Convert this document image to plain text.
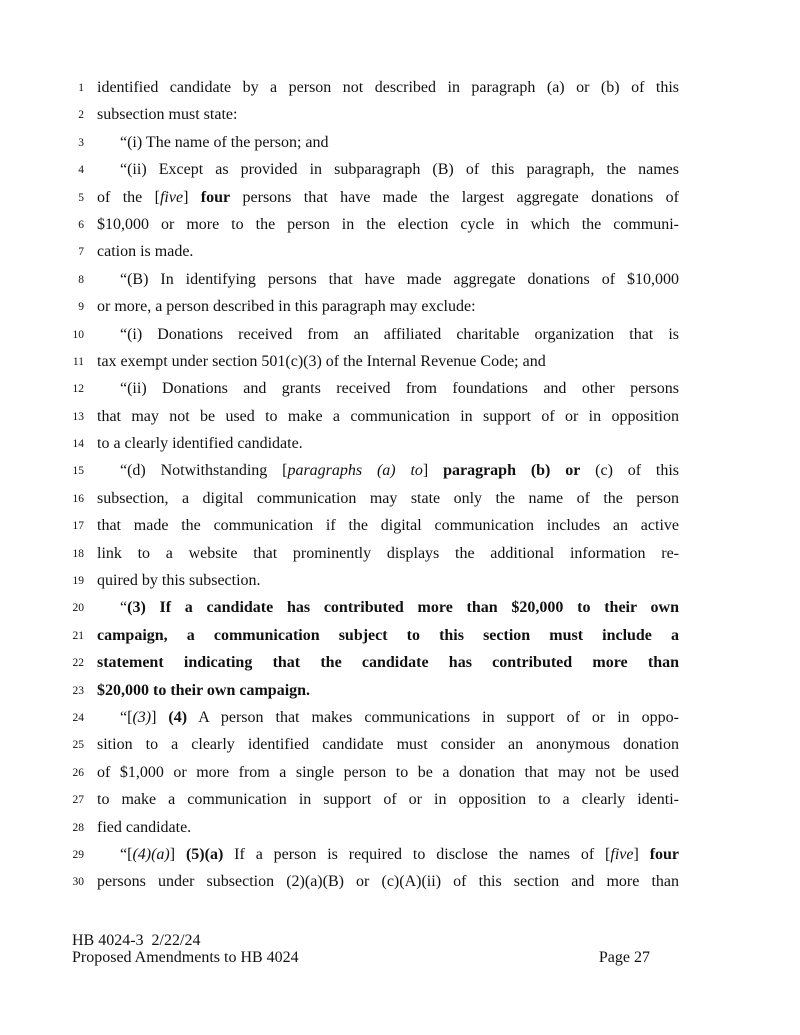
1 identified candidate by a person not described in paragraph (a) or (b) of this
2 subsection must state:
3	“(i) The name of the person; and
4	“(ii) Except as provided in subparagraph (B) of this paragraph, the names
5 of the [five] four persons that have made the largest aggregate donations of
6 $10,000 or more to the person in the election cycle in which the communi-
7 cation is made.
8	“(B) In identifying persons that have made aggregate donations of $10,000
9 or more, a person described in this paragraph may exclude:
10	“(i) Donations received from an affiliated charitable organization that is
11 tax exempt under section 501(c)(3) of the Internal Revenue Code; and
12	“(ii) Donations and grants received from foundations and other persons
13 that may not be used to make a communication in support of or in opposition
14 to a clearly identified candidate.
15	“(d) Notwithstanding [paragraphs (a) to] paragraph (b) or (c) of this
16 subsection, a digital communication may state only the name of the person
17 that made the communication if the digital communication includes an active
18 link to a website that prominently displays the additional information re-
19 quired by this subsection.
20	“(3) If a candidate has contributed more than $20,000 to their own
21 campaign, a communication subject to this section must include a
22 statement indicating that the candidate has contributed more than
23 $20,000 to their own campaign.
24	“[(3)] (4) A person that makes communications in support of or in oppo-
25 sition to a clearly identified candidate must consider an anonymous donation
26 of $1,000 or more from a single person to be a donation that may not be used
27 to make a communication in support of or in opposition to a clearly identi-
28 fied candidate.
29	“[(4)(a)] (5)(a) If a person is required to disclose the names of [five] four
30 persons under subsection (2)(a)(B) or (c)(A)(ii) of this section and more than
HB 4024-3  2/22/24
Proposed Amendments to HB 4024	Page 27
